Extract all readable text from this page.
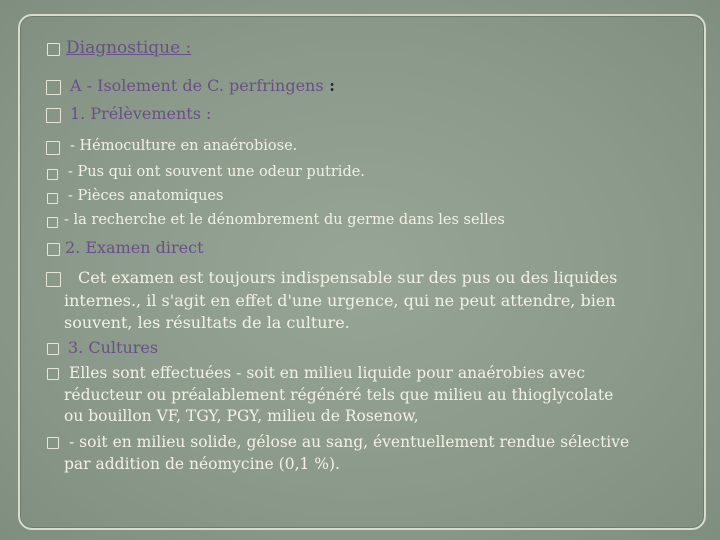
Diagnostique :
A - Isolement de C. perfringens :
1. Prélèvements :
- Hémoculture en anaérobiose.
- Pus qui ont souvent une odeur putride.
- Pièces anatomiques
- la recherche et le dénombrement du germe dans les selles
2. Examen direct
Cet examen est toujours indispensable sur des pus ou des liquides
internes., il s'agit en effet d'une urgence, qui ne peut attendre, bien
souvent, les résultats de la culture.
3. Cultures
Elles sont effectuées - soit en milieu liquide pour anaérobies avec
réducteur ou préalablement régénéré tels que milieu au thioglycolate
ou bouillon VF, TGY, PGY, milieu de Rosenow,
- soit en milieu solide, gélose au sang, éventuellement rendue sélective
par addition de néomycine (0,1 %).
